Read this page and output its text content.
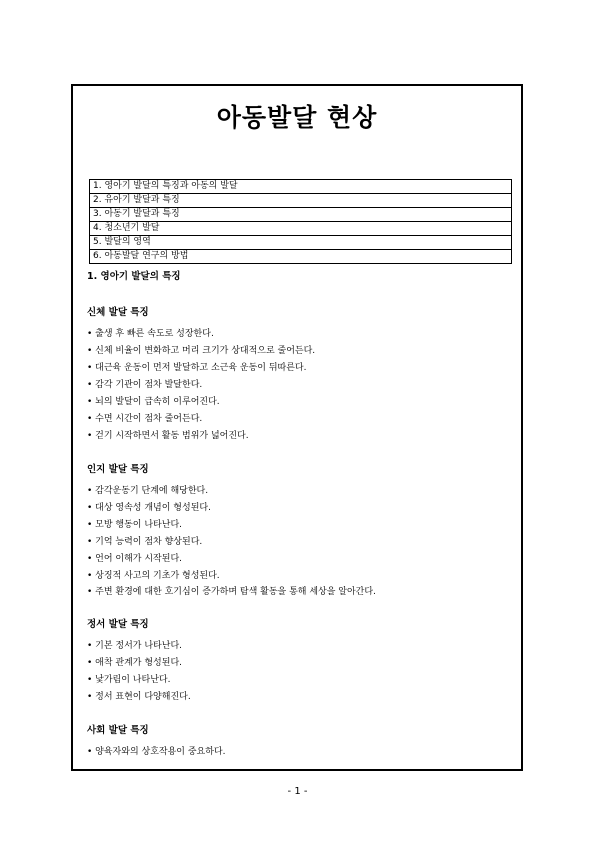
아동발달 현상
1. 영아기 발달의 특징과 아동의 발달
2. 유아기 발달과 특징
3. 아동기 발달과 특징
4. 청소년기 발달
5. 발달의 영역
6. 아동발달 연구의 방법
1. 영아기 발달의 특징
신체 발달 특징
• 출생 후 빠른 속도로 성장한다.
• 신체 비율이 변화하고 머리 크기가 상대적으로 줄어든다.
• 대근육 운동이 먼저 발달하고 소근육 운동이 뒤따른다.
• 감각 기관이 점차 발달한다.
• 뇌의 발달이 급속히 이루어진다.
• 수면 시간이 점차 줄어든다.
• 걷기 시작하면서 활동 범위가 넓어진다.
인지 발달 특징
• 감각운동기 단계에 해당한다.
• 대상 영속성 개념이 형성된다.
• 모방 행동이 나타난다.
• 기억 능력이 점차 향상된다.
• 언어 이해가 시작된다.
• 상징적 사고의 기초가 형성된다.
• 주변 환경에 대한 호기심이 증가하며 탐색 활동을 통해 세상을 알아간다.
정서 발달 특징
• 기본 정서가 나타난다.
• 애착 관계가 형성된다.
• 낯가림이 나타난다.
• 정서 표현이 다양해진다.
사회 발달 특징
• 양육자와의 상호작용이 중요하다.
- 1 -
